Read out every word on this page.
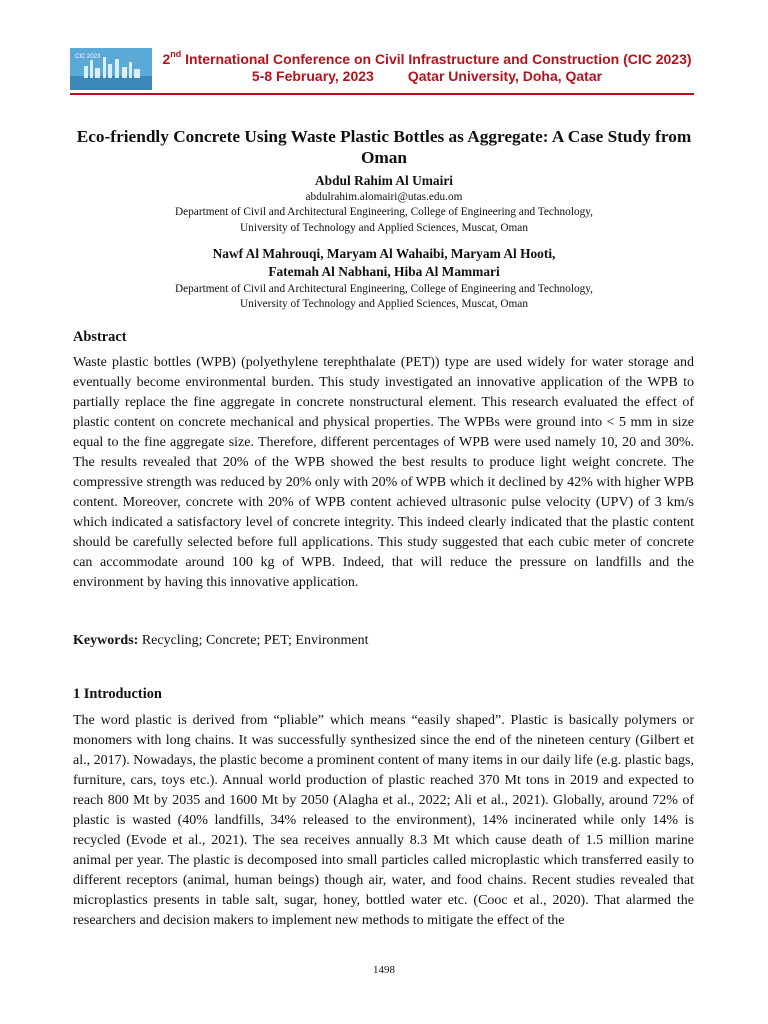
CIC 2023	2nd International Conference on Civil Infrastructure and Construction (CIC 2023)
5-8 February, 2023 Qatar University, Doha, Qatar
Eco-friendly Concrete Using Waste Plastic Bottles as Aggregate: A Case Study from Oman
Abdul Rahim Al Umairi
abdulrahim.alomairi@utas.edu.om
Department of Civil and Architectural Engineering, College of Engineering and Technology,
University of Technology and Applied Sciences, Muscat, Oman
Nawf Al Mahrouqi, Maryam Al Wahaibi, Maryam Al Hooti,
Fatemah Al Nabhani, Hiba Al Mammari
Department of Civil and Architectural Engineering, College of Engineering and Technology,
University of Technology and Applied Sciences, Muscat, Oman
Abstract

Waste plastic bottles (WPB) (polyethylene terephthalate (PET)) type are used widely for water storage and eventually become environmental burden. This study investigated an innovative application of the WPB to partially replace the fine aggregate in concrete nonstructural element. This research evaluated the effect of plastic content on concrete mechanical and physical properties. The WPBs were ground into < 5 mm in size equal to the fine aggregate size. Therefore, different percentages of WPB were used namely 10, 20 and 30%. The results revealed that 20% of the WPB showed the best results to produce light weight concrete. The compressive strength was reduced by 20% only with 20% of WPB which it declined by 42% with higher WPB content. Moreover, concrete with 20% of WPB content achieved ultrasonic pulse velocity (UPV) of 3 km/s which indicated a satisfactory level of concrete integrity. This indeed clearly indicated that the plastic content should be carefully selected before full applications. This study suggested that each cubic meter of concrete can accommodate around 100 kg of WPB. Indeed, that will reduce the pressure on landfills and the environment by having this innovative application.

Keywords: Recycling; Concrete; PET; Environment
1 Introduction

The word plastic is derived from “pliable” which means “easily shaped”. Plastic is basically polymers or monomers with long chains. It was successfully synthesized since the end of the nineteen century (Gilbert et al., 2017). Nowadays, the plastic become a prominent content of many items in our daily life (e.g. plastic bags, furniture, cars, toys etc.). Annual world production of plastic reached 370 Mt tons in 2019 and expected to reach 800 Mt by 2035 and 1600 Mt by 2050 (Alagha et al., 2022; Ali et al., 2021). Globally, around 72% of plastic is wasted (40% landfills, 34% released to the environment), 14% incinerated while only 14% is recycled (Evode et al., 2021). The sea receives annually 8.3 Mt which cause death of 1.5 million marine animal per year. The plastic is decomposed into small particles called microplastic which transferred easily to different receptors (animal, human beings) though air, water, and food chains. Recent studies revealed that microplastics presents in table salt, sugar, honey, bottled water etc. (Cooc et al., 2020). That alarmed the researchers and decision makers to implement new methods to mitigate the effect of the

1498
